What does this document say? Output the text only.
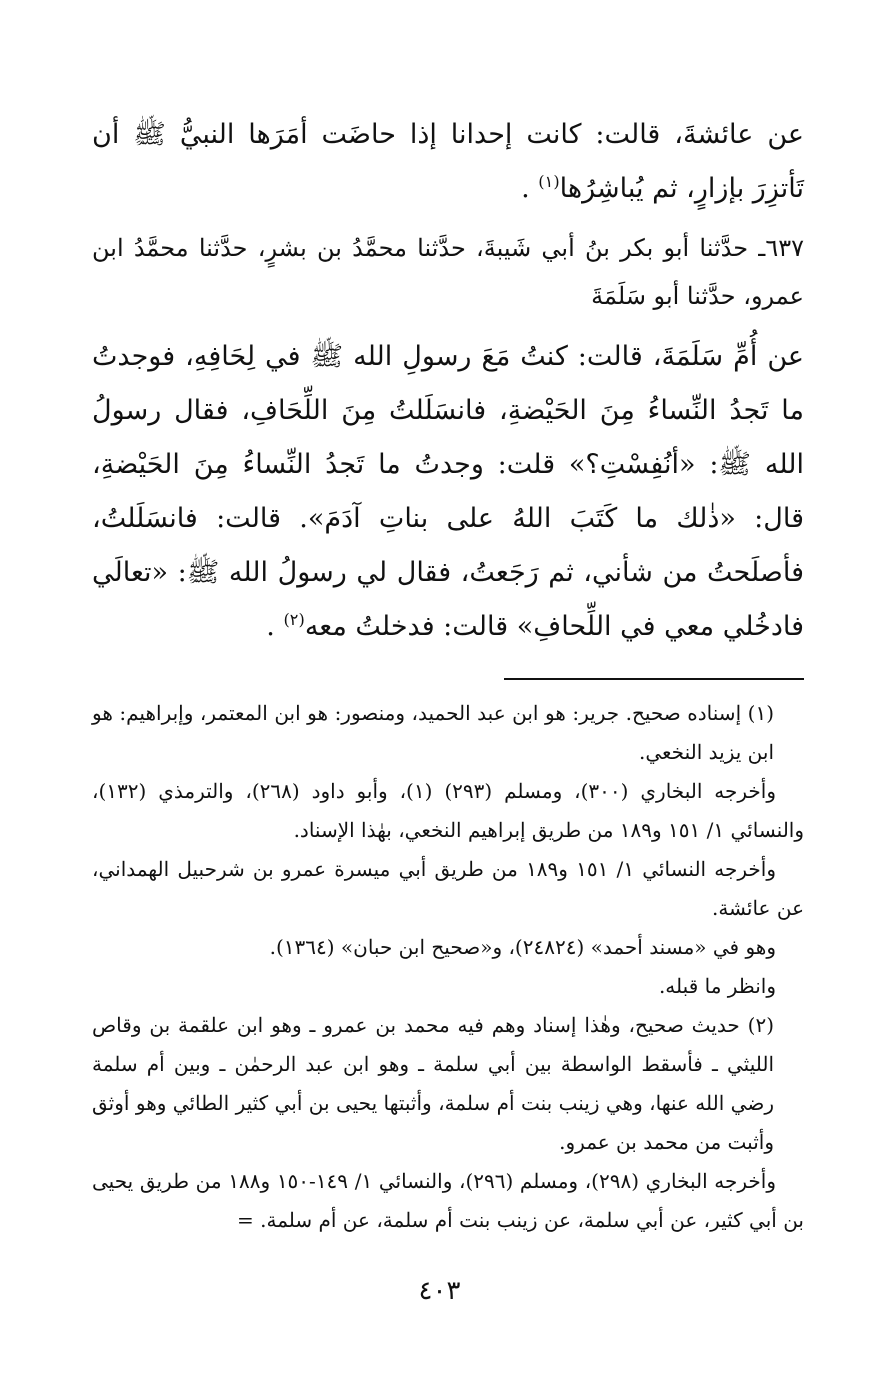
عن عائشةَ، قالت: كانت إحدانا إذا حاضَت أمَرَها النبيُّ ﷺ أن تَأتزِرَ بإزارٍ، ثم يُباشِرُها$^{(١)}$ .

٦٣٧ـ حدَّثنا أبو بكر بنُ أبي شَيبةَ، حدَّثنا محمَّدُ بن بشرٍ، حدَّثنا محمَّدُ ابن عمرو، حدَّثنا أبو سَلَمَةَ

عن أُمِّ سَلَمَةَ، قالت: كنتُ مَعَ رسولِ الله ﷺ في لِحَافِهِ، فوجدتُ ما تَجدُ النِّساءُ مِنَ الحَيْضةِ، فانسَلَلتُ مِنَ اللِّحَافِ، فقال رسولُ الله ﷺ: «أنُفِسْتِ؟» قلت: وجدتُ ما تَجدُ النِّساءُ مِنَ الحَيْضةِ، قال: «ذٰلك ما كَتَبَ اللهُ على بناتِ آدَمَ». قالت: فانسَلَلتُ، فأصلَحتُ من شأني، ثم رَجَعتُ، فقال لي رسولُ الله ﷺ: «تعالَي فادخُلي معي في اللِّحافِ» قالت: فدخلتُ معه$^{(٢)}$ .

(١) إسناده صحيح. جرير: هو ابن عبد الحميد، ومنصور: هو ابن المعتمر، وإبراهيم: هو ابن يزيد النخعي.

وأخرجه البخاري (٣٠٠)، ومسلم (٢٩٣) (١)، وأبو داود (٢٦٨)، والترمذي (١٣٢)، والنسائي ١/ ١٥١ و١٨٩ من طريق إبراهيم النخعي، بهٰذا الإسناد.

وأخرجه النسائي ١/ ١٥١ و١٨٩ من طريق أبي ميسرة عمرو بن شرحبيل الهمداني، عن عائشة.

وهو في «مسند أحمد» (٢٤٨٢٤)، و«صحيح ابن حبان» (١٣٦٤).

وانظر ما قبله.

(٢) حديث صحيح، وهٰذا إسناد وهم فيه محمد بن عمرو ـ وهو ابن علقمة بن وقاص الليثي ـ فأسقط الواسطة بين أبي سلمة ـ وهو ابن عبد الرحمٰن ـ وبين أم سلمة رضي الله عنها، وهي زينب بنت أم سلمة، وأثبتها يحيى بن أبي كثير الطائي وهو أوثق وأثبت من محمد بن عمرو.

وأخرجه البخاري (٢٩٨)، ومسلم (٢٩٦)، والنسائي ١/ ١٤٩-١٥٠ و١٨٨ من طريق يحيى بن أبي كثير، عن أبي سلمة، عن زينب بنت أم سلمة، عن أم سلمة. =

٤٠٣
